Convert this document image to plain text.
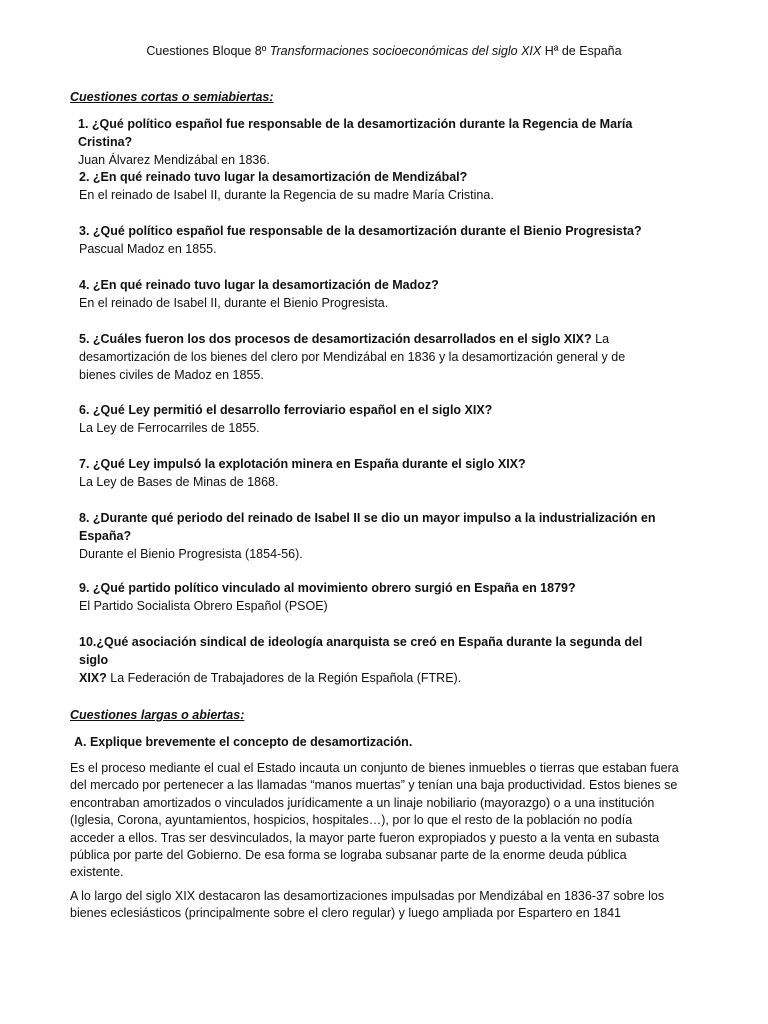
Cuestiones Bloque 8º Transformaciones socioeconómicas del siglo XIX Hª de España
Cuestiones cortas o semiabiertas:
1. ¿Qué político español fue responsable de la desamortización durante la Regencia de María Cristina?
Juan Álvarez Mendizábal en 1836.
2. ¿En qué reinado tuvo lugar la desamortización de Mendizábal?
En el reinado de Isabel II, durante la Regencia de su madre María Cristina.
3. ¿Qué político español fue responsable de la desamortización durante el Bienio Progresista?
Pascual Madoz en 1855.
4. ¿En qué reinado tuvo lugar la desamortización de Madoz?
En el reinado de Isabel II, durante el Bienio Progresista.
5. ¿Cuáles fueron los dos procesos de desamortización desarrollados en el siglo XIX? La
desamortización de los bienes del clero por Mendizábal en 1836 y la desamortización general y de
bienes civiles de Madoz en 1855.
6. ¿Qué Ley permitió el desarrollo ferroviario español en el siglo XIX?
La Ley de Ferrocarriles de 1855.
7. ¿Qué Ley impulsó la explotación minera en España durante el siglo XIX?
La Ley de Bases de Minas de 1868.
8. ¿Durante qué periodo del reinado de Isabel II se dio un mayor impulso a la industrialización en
España?
Durante el Bienio Progresista (1854-56).
9. ¿Qué partido político vinculado al movimiento obrero surgió en España en 1879?
El Partido Socialista Obrero Español (PSOE)
10.¿Qué asociación sindical de ideología anarquista se creó en España durante la segunda del siglo
XIX? La Federación de Trabajadores de la Región Española (FTRE).
Cuestiones largas o abiertas:
A. Explique brevemente el concepto de desamortización.
Es el proceso mediante el cual el Estado incauta un conjunto de bienes inmuebles o tierras que estaban fuera
del mercado por pertenecer a las llamadas “manos muertas” y tenían una baja productividad. Estos bienes se
encontraban amortizados o vinculados jurídicamente a un linaje nobiliario (mayorazgo) o a una institución
(Iglesia, Corona, ayuntamientos, hospicios, hospitales…), por lo que el resto de la población no podía
acceder a ellos. Tras ser desvinculados, la mayor parte fueron expropiados y puesto a la venta en subasta
pública por parte del Gobierno. De esa forma se lograba subsanar parte de la enorme deuda pública
existente.
A lo largo del siglo XIX destacaron las desamortizaciones impulsadas por Mendizábal en 1836-37 sobre los
bienes eclesiásticos (principalmente sobre el clero regular) y luego ampliada por Espartero en 1841
